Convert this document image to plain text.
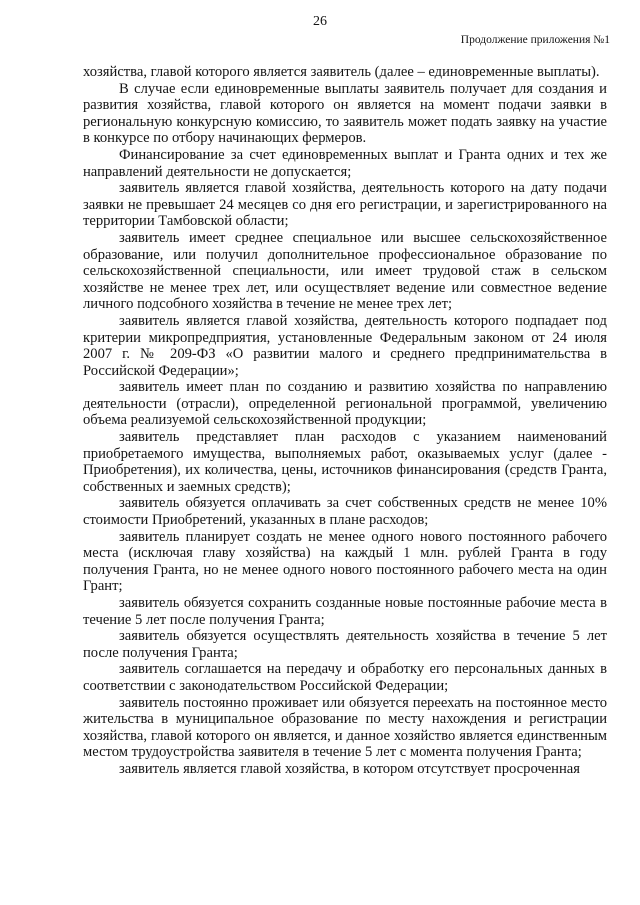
26
Продолжение приложения №1

хозяйства, главой которого является заявитель (далее – единовременные выплаты).

В случае если единовременные выплаты заявитель получает для создания и развития хозяйства, главой которого он является на момент подачи заявки в региональную конкурсную комиссию, то заявитель может подать заявку на участие в конкурсе по отбору начинающих фермеров.

Финансирование за счет единовременных выплат и Гранта одних и тех же направлений деятельности не допускается;

заявитель является главой хозяйства, деятельность которого на дату подачи заявки не превышает 24 месяцев со дня его регистрации, и зарегистрированного на территории Тамбовской области;

заявитель имеет среднее специальное или высшее сельскохозяйственное образование, или получил дополнительное профессиональное образование по сельскохозяйственной специальности, или имеет трудовой стаж в сельском хозяйстве не менее трех лет, или осуществляет ведение или совместное ведение личного подсобного хозяйства в течение не менее трех лет;

заявитель является главой хозяйства, деятельность которого подпадает под критерии микропредприятия, установленные Федеральным законом от 24 июля 2007 г. № 209-ФЗ «О развитии малого и среднего предпринимательства в Российской Федерации»;

заявитель имеет план по созданию и развитию хозяйства по направлению деятельности (отрасли), определенной региональной программой, увеличению объема реализуемой сельскохозяйственной продукции;

заявитель представляет план расходов с указанием наименований приобретаемого имущества, выполняемых работ, оказываемых услуг (далее - Приобретения), их количества, цены, источников финансирования (средств Гранта, собственных и заемных средств);

заявитель обязуется оплачивать за счет собственных средств не менее 10% стоимости Приобретений, указанных в плане расходов;

заявитель планирует создать не менее одного нового постоянного рабочего места (исключая главу хозяйства) на каждый 1 млн. рублей Гранта в году получения Гранта, но не менее одного нового постоянного рабочего места на один Грант;

заявитель обязуется сохранить созданные новые постоянные рабочие места в течение 5 лет после получения Гранта;

заявитель обязуется осуществлять деятельность хозяйства в течение 5 лет после получения Гранта;

заявитель соглашается на передачу и обработку его персональных данных в соответствии с законодательством Российской Федерации;

заявитель постоянно проживает или обязуется переехать на постоянное место жительства в муниципальное образование по месту нахождения и регистрации хозяйства, главой которого он является, и данное хозяйство является единственным местом трудоустройства заявителя в течение 5 лет с момента получения Гранта;

заявитель является главой хозяйства, в котором отсутствует просроченная
